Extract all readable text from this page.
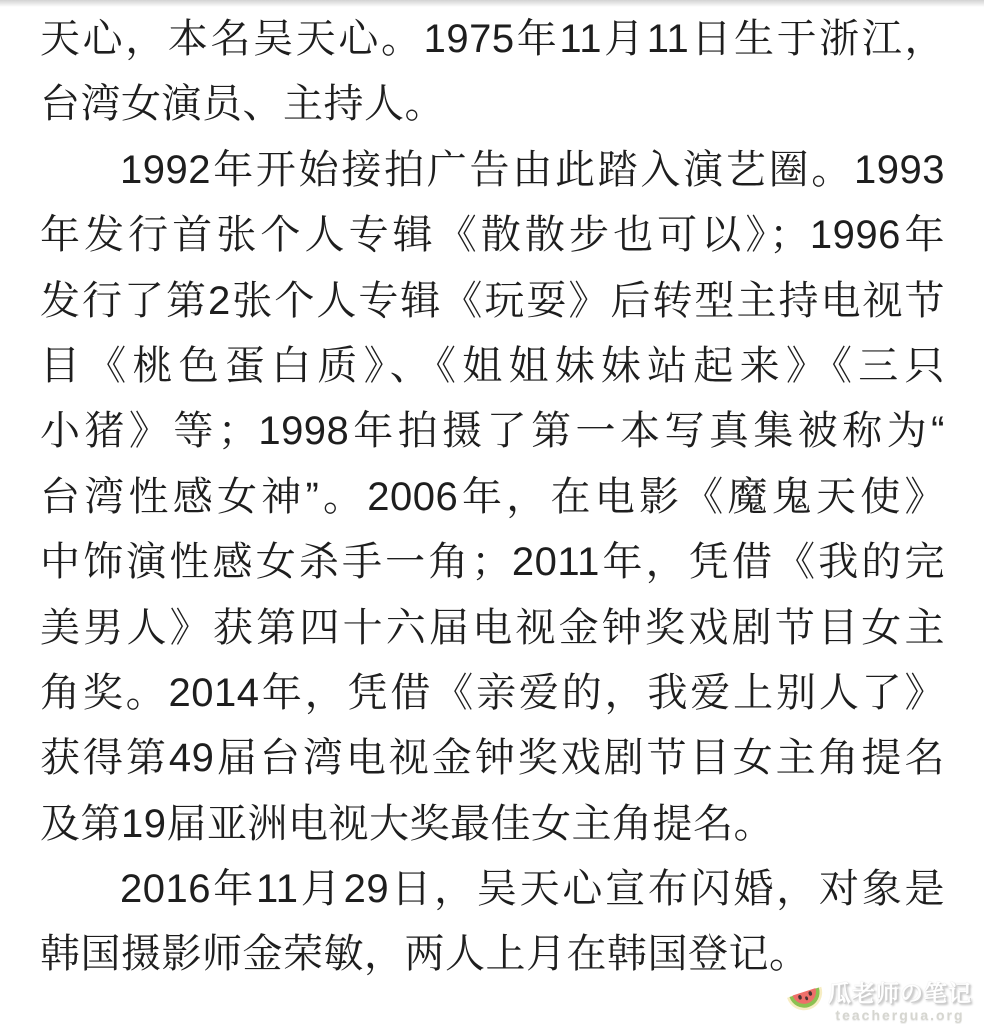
天心，本名吴天心。1975年11月11日生于浙江，
台湾女演员、主持人。

1992年开始接拍广告由此踏入演艺圈。1993
年发行首张个人专辑《散散步也可以》；1996年
发行了第2张个人专辑《玩耍》后转型主持电视节
目《桃色蛋白质》、《姐姐妹妹站起来》《三只
小猪》等；1998年拍摄了第一本写真集被称为“
台湾性感女神”。2006年，在电影《魔鬼天使》
中饰演性感女杀手一角；2011年，凭借《我的完
美男人》获第四十六届电视金钟奖戏剧节目女主
角奖。2014年，凭借《亲爱的，我爱上别人了》
获得第49届台湾电视金钟奖戏剧节目女主角提名
及第19届亚洲电视大奖最佳女主角提名。

2016年11月29日，吴天心宣布闪婚，对象是
韩国摄影师金荣敏，两人上月在韩国登记。

瓜老师の笔记
teachergua.org
